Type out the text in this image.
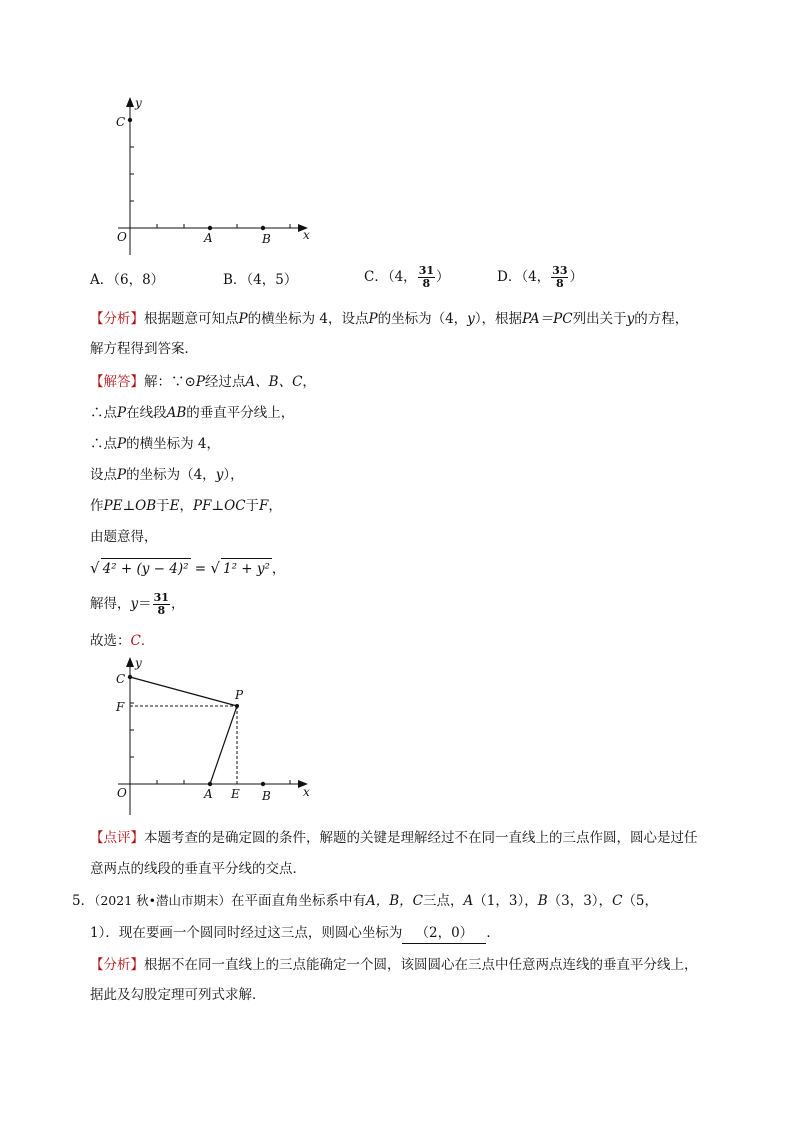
y
C
O	A	B	x
A．（6，8）	B．（4，5）	C．（4， $\frac{31}{8}$ ）	D．（4， $\frac{33}{8}$ ）
【分析】根据题意可知点P的横坐标为 4，设点P的坐标为（4，y），根据PA＝PC列出关于y的方程，
解方程得到答案．
【解答】解：∵⊙P经过点A、B、C，
∴点P在线段AB的垂直平分线上，
∴点P的横坐标为 4，
设点P的坐标为（4，y），
作PE⊥OB于E，PF⊥OC于F，
由题意得，
√ 4² + (y − 4)² = √ 1² + y² ，
解得，$y= \frac{31}{8}$ ，
故选：C．
y
C
P
F
O	A E B	x
【点评】本题考查的是确定圆的条件，解题的关键是理解经过不在同一直线上的三点作圆，圆心是过任
意两点的线段的垂直平分线的交点．
5．（2021 秋•潜山市期末）在平面直角坐标系中有A，B，C三点，A（1，3），B（3，3），C（5，
1）．现在要画一个圆同时经过这三点，则圆心坐标为 （2，0） ．
【分析】根据不在同一直线上的三点能确定一个圆，该圆圆心在三点中任意两点连线的垂直平分线上，
据此及勾股定理可列式求解．
